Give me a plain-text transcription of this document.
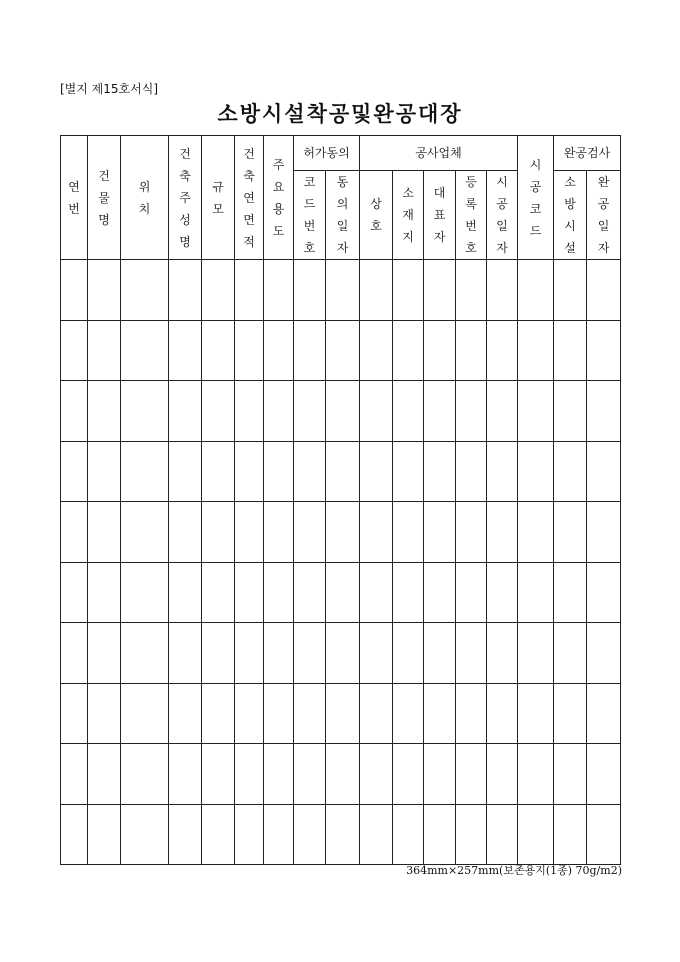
[별지 제15호서식]
소방시설착공및완공대장
연번	건물명	위치	건축주성명	규모	건축연면적	주요용도	허가동의		공사업체					시공코드	완공검사	
							코드번호	동의일자	상호	소재지	대표자	등록번호	시공일자		소방시설	완공일자

364mm×257mm(보존용지(1종) 70g/m2)
